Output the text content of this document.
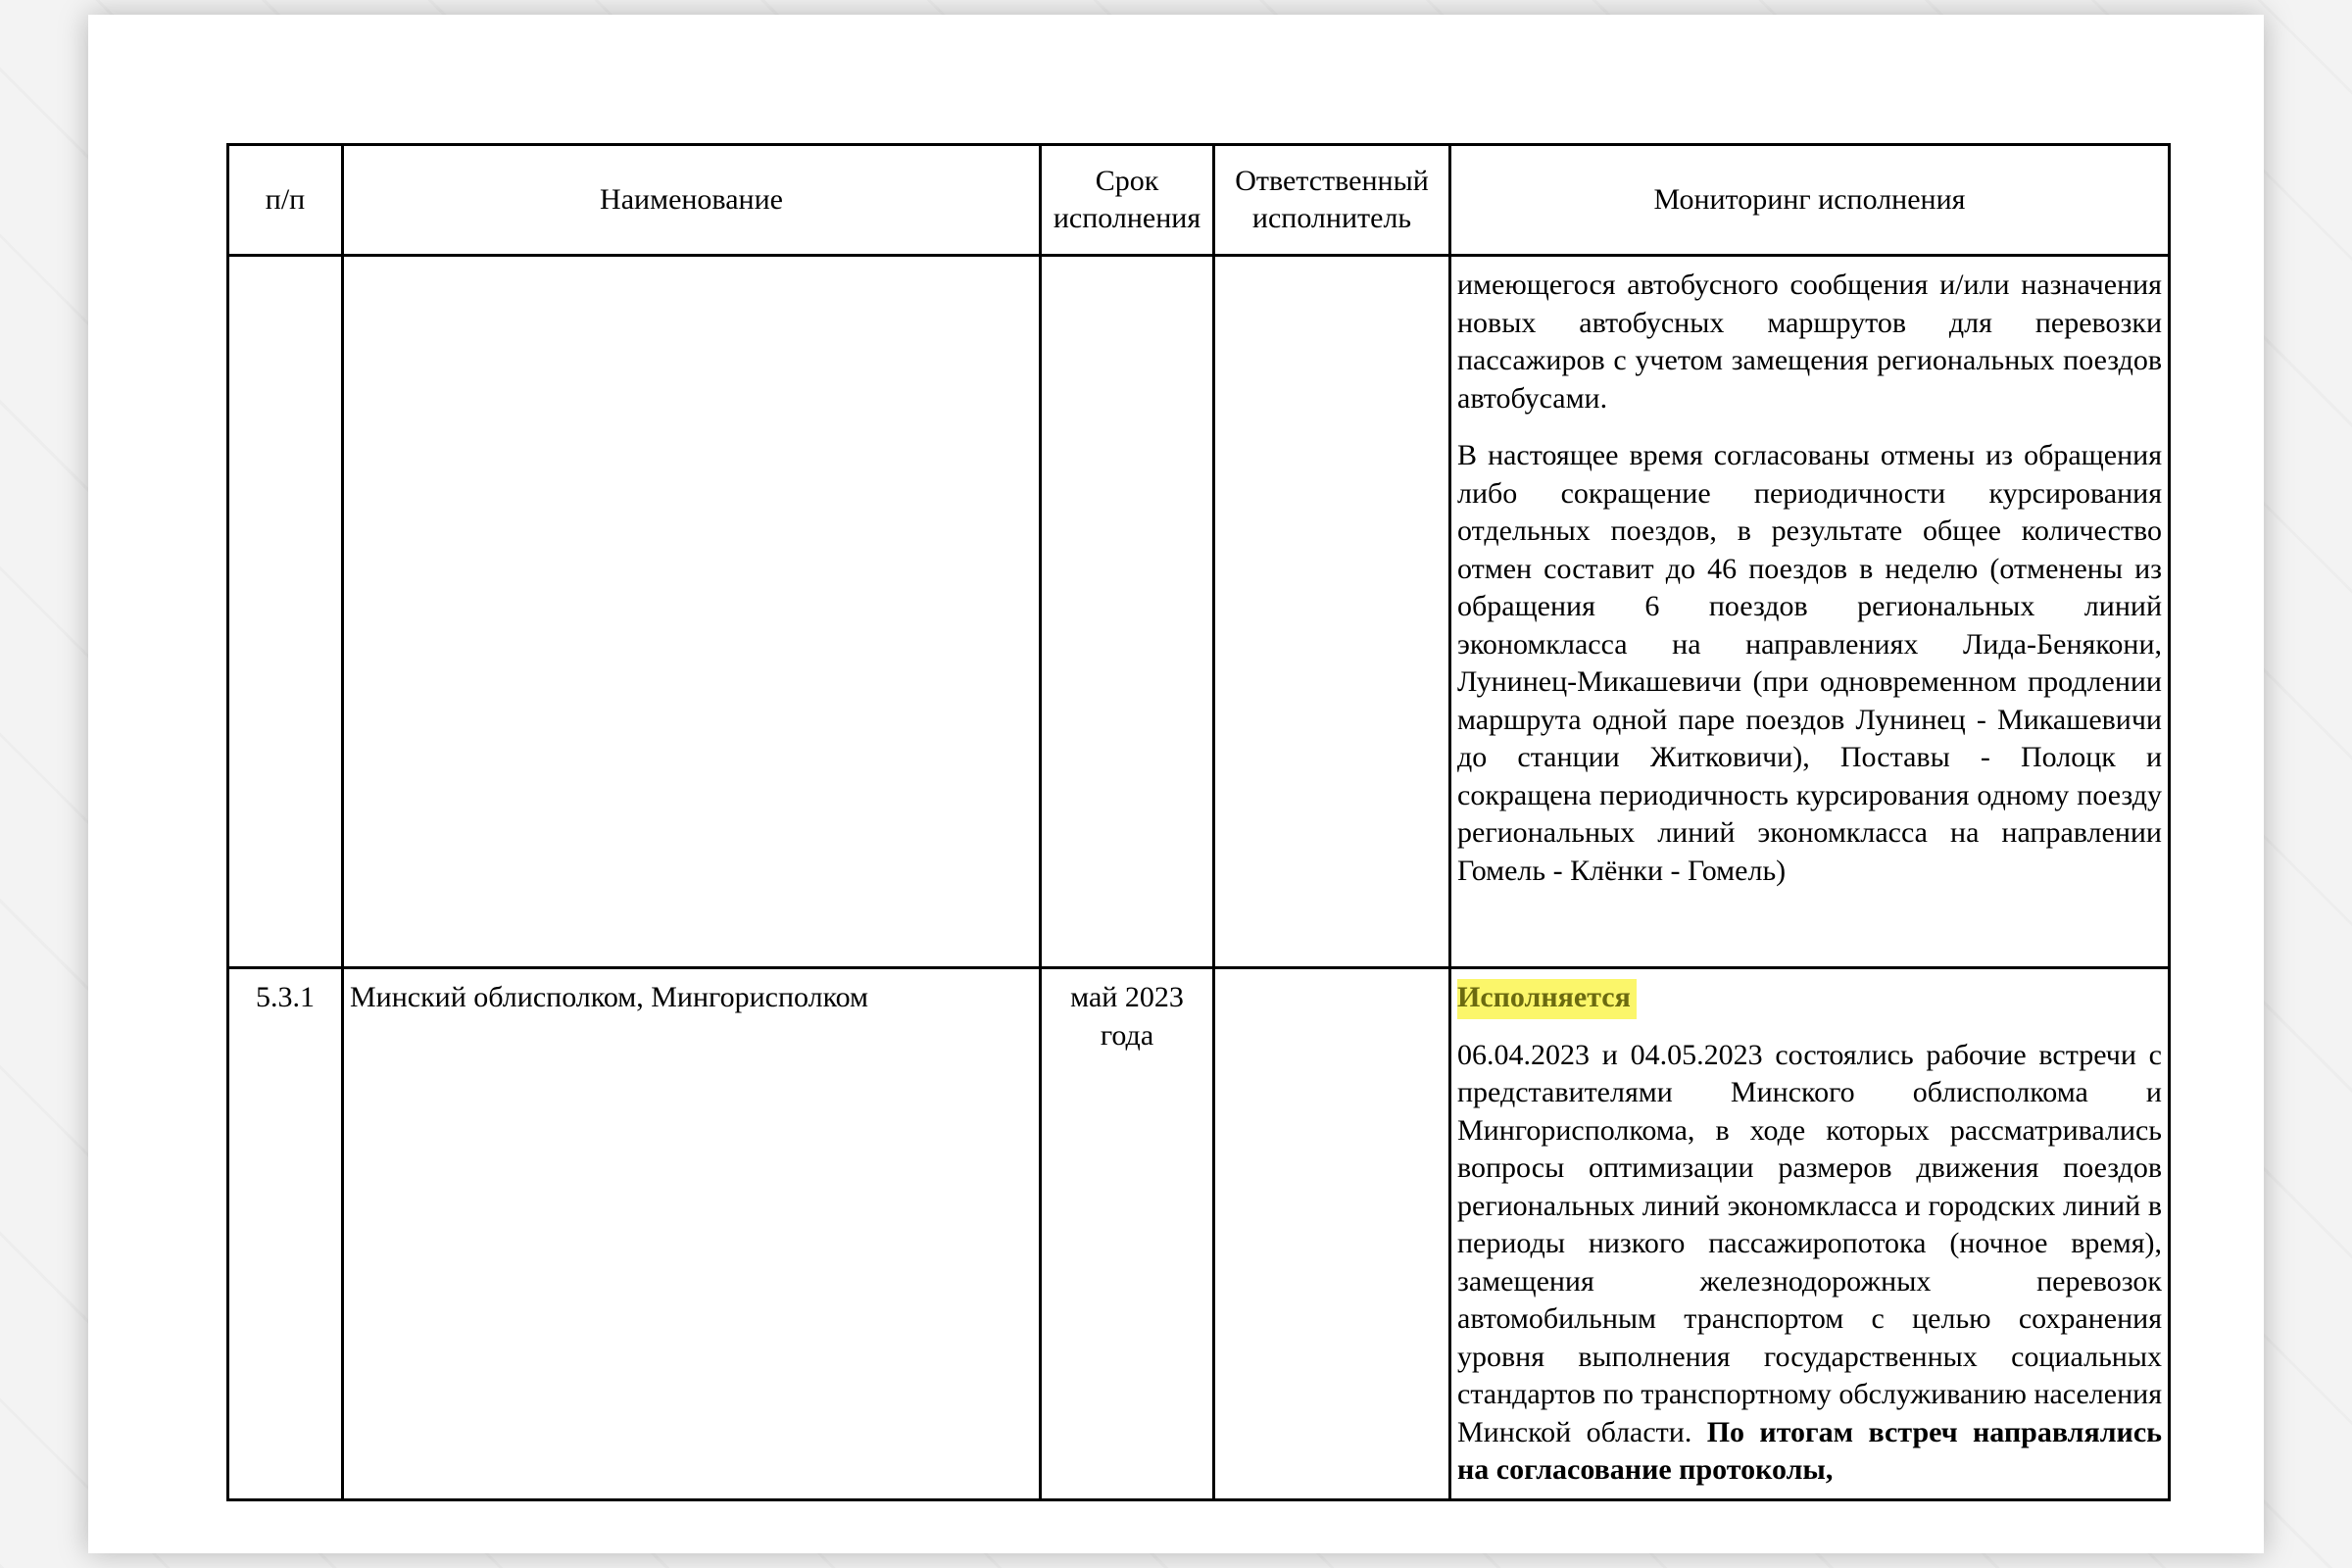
п/п	Наименование	Срок исполнения	Ответственный исполнитель	Мониторинг исполнения

				имеющегося автобусного сообщения и/или назначения новых автобусных маршрутов для перевозки пассажиров с учетом замещения региональных поездов автобусами.

В настоящее время согласованы отмены из обращения либо сокращение периодичности курсирования отдельных поездов, в результате общее количество отмен составит до 46 поездов в неделю (отменены из обращения 6 поездов региональных линий экономкласса на направлениях Лида-Бенякони, Лунинец-Микашевичи (при одновременном продлении маршрута одной паре поездов Лунинец - Микашевичи до станции Житковичи), Поставы - Полоцк и сокращена периодичность курсирования одному поезду региональных линий экономкласса на направлении Гомель - Клёнки - Гомель)

5.3.1	Минский облисполком, Мингорисполком	май 2023 года		Исполняется

06.04.2023 и 04.05.2023 состоялись рабочие встречи с представителями Минского облисполкома и Мингорисполкома, в ходе которых рассматривались вопросы оптимизации размеров движения поездов региональных линий экономкласса и городских линий в периоды низкого пассажиропотока (ночное время), замещения железнодорожных перевозок автомобильным транспортом с целью сохранения уровня выполнения государственных социальных стандартов по транспортному обслуживанию населения Минской области. По итогам встреч направлялись на согласование протоколы,
